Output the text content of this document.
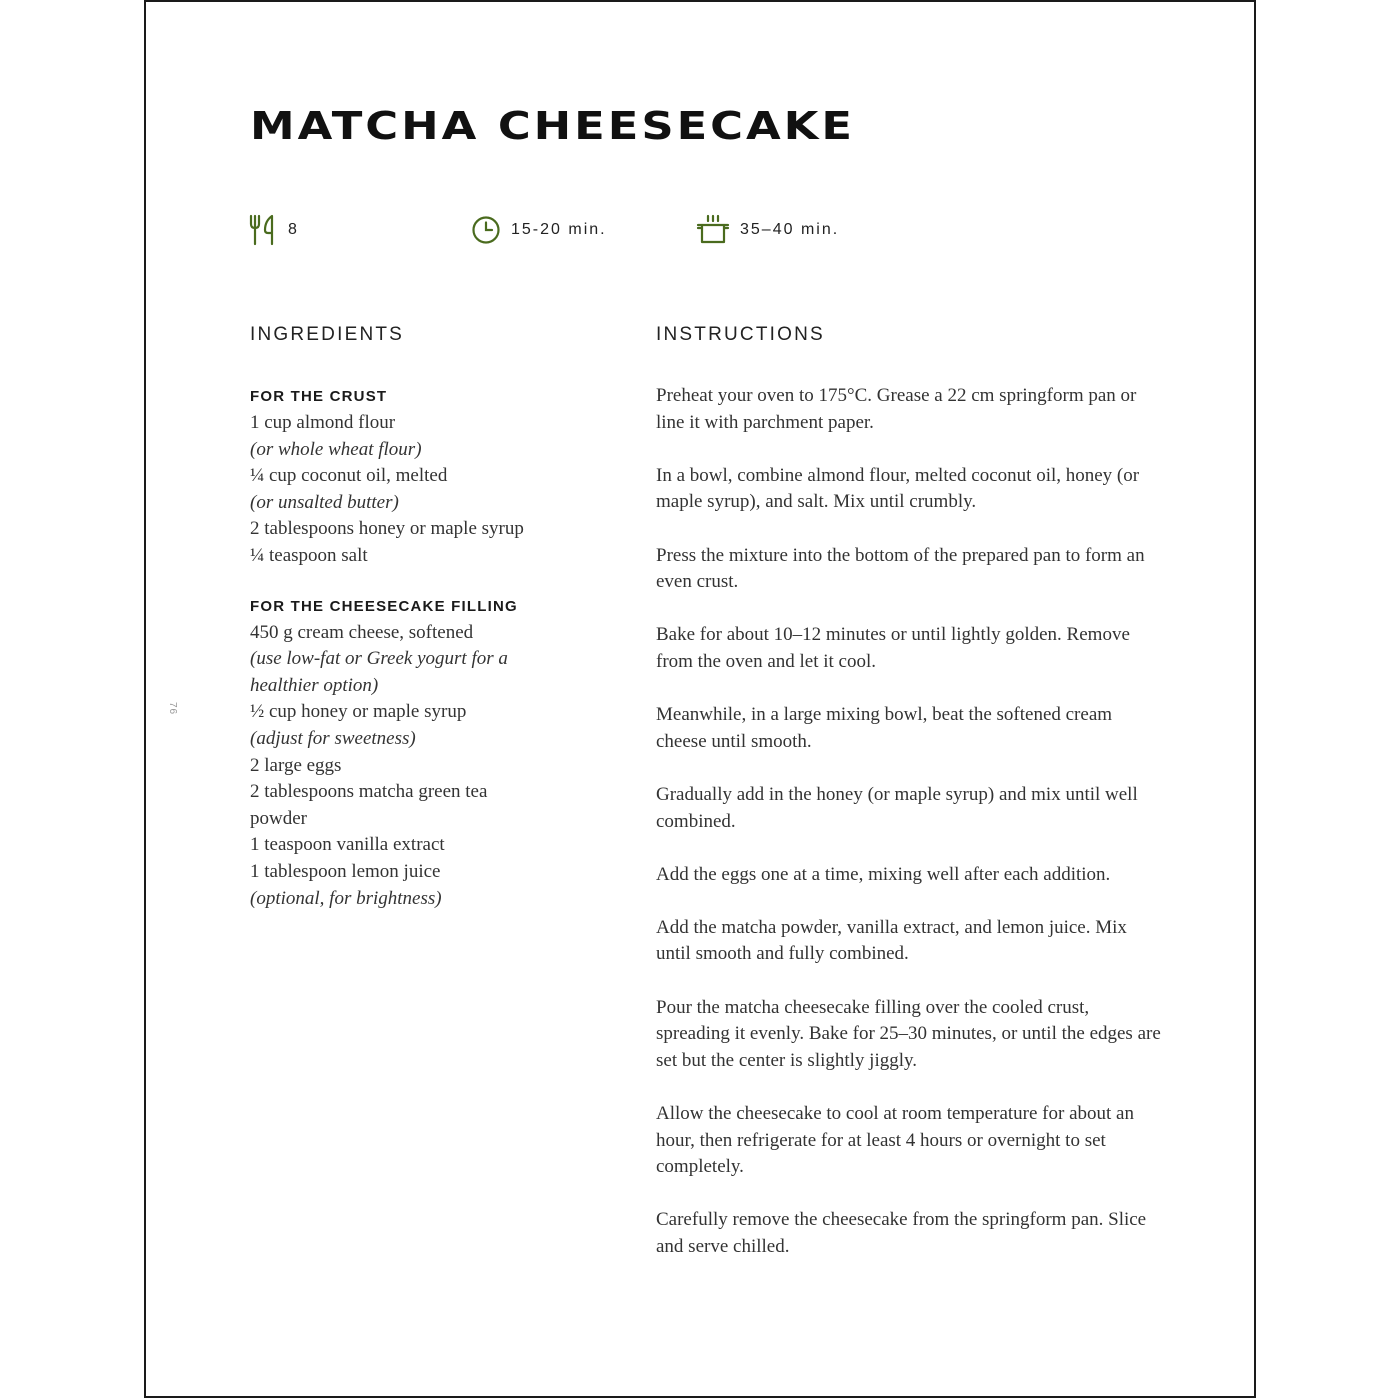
MATCHA CHEESECAKE
8	15-20 min.	35–40 min.
INGREDIENTS	INSTRUCTIONS
FOR THE CRUST
1 cup almond flour
(or whole wheat flour)
¼ cup coconut oil, melted
(or unsalted butter)
2 tablespoons honey or maple syrup
¼ teaspoon salt
FOR THE CHEESECAKE FILLING
450 g cream cheese, softened
(use low-fat or Greek yogurt for a
healthier option)
½ cup honey or maple syrup
(adjust for sweetness)
2 large eggs
2 tablespoons matcha green tea
powder
1 teaspoon vanilla extract
1 tablespoon lemon juice
(optional, for brightness)

Preheat your oven to 175°C. Grease a 22 cm springform pan or line it with parchment paper.

In a bowl, combine almond flour, melted coconut oil, honey (or maple syrup), and salt. Mix until crumbly.

Press the mixture into the bottom of the prepared pan to form an even crust.

Bake for about 10–12 minutes or until lightly golden. Remove from the oven and let it cool.

Meanwhile, in a large mixing bowl, beat the softened cream cheese until smooth.

Gradually add in the honey (or maple syrup) and mix until well combined.

Add the eggs one at a time, mixing well after each addition.

Add the matcha powder, vanilla extract, and lemon juice. Mix until smooth and fully combined.

Pour the matcha cheesecake filling over the cooled crust, spreading it evenly. Bake for 25–30 minutes, or until the edges are set but the center is slightly jiggly.

Allow the cheesecake to cool at room temperature for about an hour, then refrigerate for at least 4 hours or overnight to set completely.

Carefully remove the cheesecake from the springform pan. Slice and serve chilled.

76
